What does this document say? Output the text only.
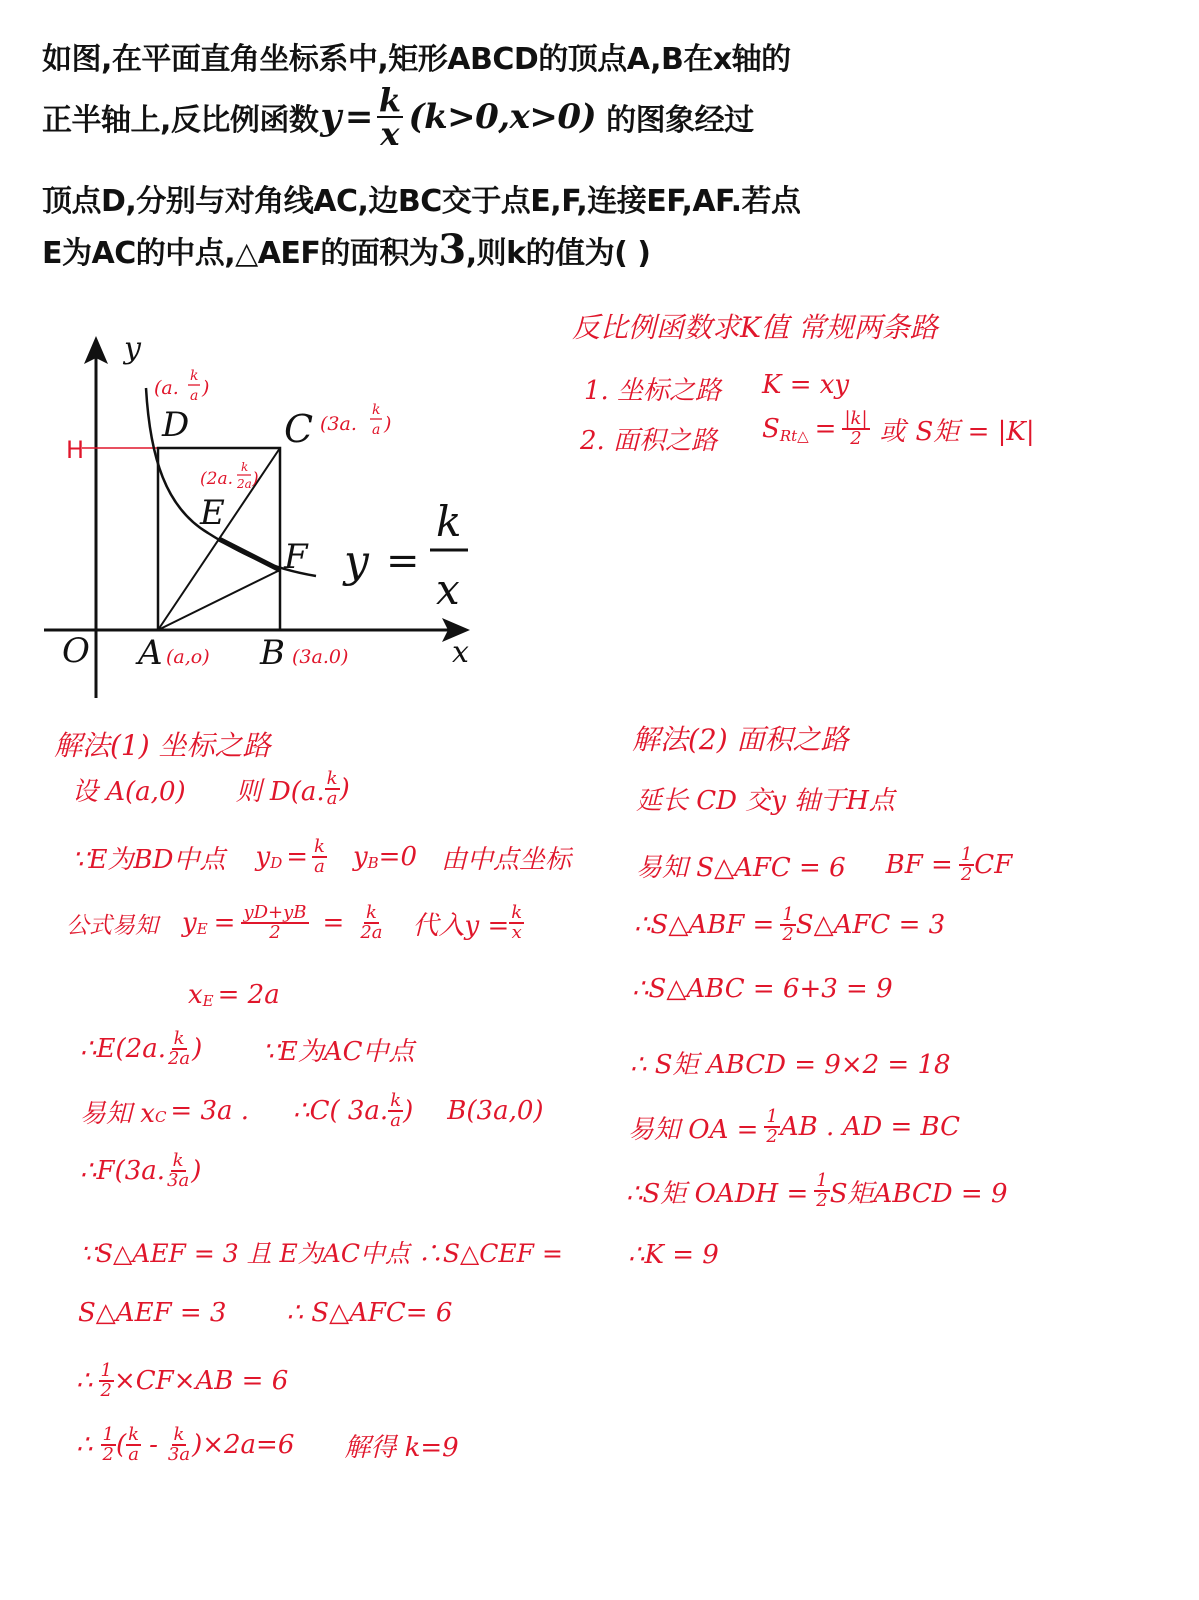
如图,在平面直角坐标系中,矩形ABCD的顶点A,B在x轴的
正半轴上,反比例函数 $y = \frac{k}{x} (k>0,x>0)$ 的图象经过
顶点D,分别与对角线AC,边BC交于点E,F,连接EF,AF.若点
E为AC的中点,△AEF的面积为 3 ,则k的值为( )
y
x
O
H
D C
E
F
A	B
(a,o)	(3a.0)
(a.
k
a )
(3a.
k
a )
(2a.
k
2a )
y =
k
x
反比例函数求K值 常规两条路
1. 坐标之路 K = xy
2. 面积之路 S Rt△ = $\frac{|k|}{2}$ 或 S矩 = |K|
解法(1) 坐标之路
设 A(a,0) 则 D(a. $\frac{k}{a}$ )
∵E为BD中点 y $D = \frac{k}{a}$ y B =0 由中点坐标
公式易知 y $E = \frac{yD+yB}{2} = \frac{k}{2a}$ 代入$y = \frac{k}{x}$
x E = 2a
∴E(2a. $\frac{k}{2a}$ ) ∵E为AC中点
易知 x C = 3a . ∴C( 3a. $\frac{k}{a}$ ) B(3a,0)
∴F(3a. $\frac{k}{3a}$ )
∵S△AEF = 3 且 E为AC中点 ∴S△CEF =
S△AEF = 3 ∴ S△AFC= 6
∴ $\frac{1}{2} \times CF\times AB = 6$
∴ $\frac{1}{2}$ ( $\frac{k}{a} - \frac{k}{3a} )\times 2a=6$ 解得 k=9
解法(2) 面积之路
延长 CD 交y 轴于H点
易知 S△AFC = 6 BF = $\frac{1}{2}$ CF
∴S△ABF = $\frac{1}{2}$ S△AFC = 3
∴S△ABC = 6+3 = 9
∴ S矩 ABCD = 9×2 = 18
易知 OA = $\frac{1}{2}$ AB . AD = BC
∴S矩 OADH = $\frac{1}{2}$ S矩ABCD = 9
∴K = 9
